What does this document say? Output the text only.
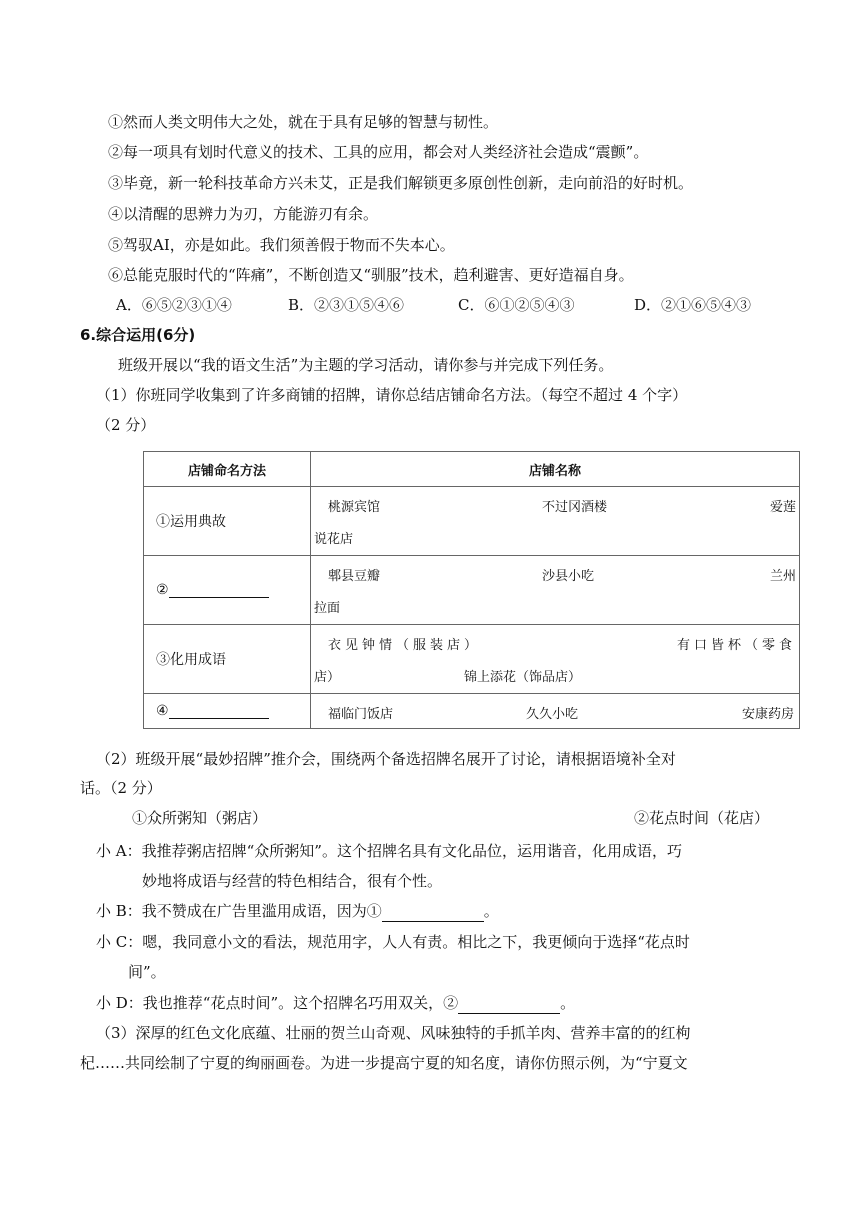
①然而人类文明伟大之处，就在于具有足够的智慧与韧性。
②每一项具有划时代意义的技术、工具的应用，都会对人类经济社会造成“震颤”。
③毕竟，新一轮科技革命方兴未艾，正是我们解锁更多原创性创新，走向前沿的好时机。
④以清醒的思辨力为刃，方能游刃有余。
⑤驾驭AI，亦是如此。我们须善假于物而不失本心。
⑥总能克服时代的“阵痛”，不断创造又“驯服”技术，趋利避害、更好造福自身。
A．⑥⑤②③①④	B．②③①⑤④⑥	C．⑥①②⑤④③	D．②①⑥⑤④③
6.综合运用(6分)
班级开展以“我的语文生活”为主题的学习活动，请你参与并完成下列任务。
（1）你班同学收集到了许多商铺的招牌，请你总结店铺命名方法。（每空不超过 4 个字）
（2 分）
店铺命名方法	店铺名称
①运用典故	桃源宾馆 不过冈酒楼 爱莲
说花店

②	郫县豆瓣 沙县小吃 兰州
拉面

③化用成语	衣见钟情（服装店） 有口皆杯（零食
店） 锦上添花（饰品店）

④	福临门饭店 久久小吃 安康药房
（2）班级开展“最妙招牌”推介会，围绕两个备选招牌名展开了讨论，请根据语境补全对
话。（2 分）
①众所粥知（粥店）	②花点时间（花店）
小 A：我推荐粥店招牌“众所粥知”。这个招牌名具有文化品位，运用谐音，化用成语，巧
妙地将成语与经营的特色相结合，很有个性。
小 B：我不赞成在广告里滥用成语，因为①	。
小 C：嗯，我同意小文的看法，规范用字，人人有责。相比之下，我更倾向于选择“花点时
间”。
小 D：我也推荐“花点时间”。这个招牌名巧用双关，②	。
（3）深厚的红色文化底蕴、壮丽的贺兰山奇观、风味独特的手抓羊肉、营养丰富的的红枸
杞……共同绘制了宁夏的绚丽画卷。为进一步提高宁夏的知名度，请你仿照示例，为“宁夏文
